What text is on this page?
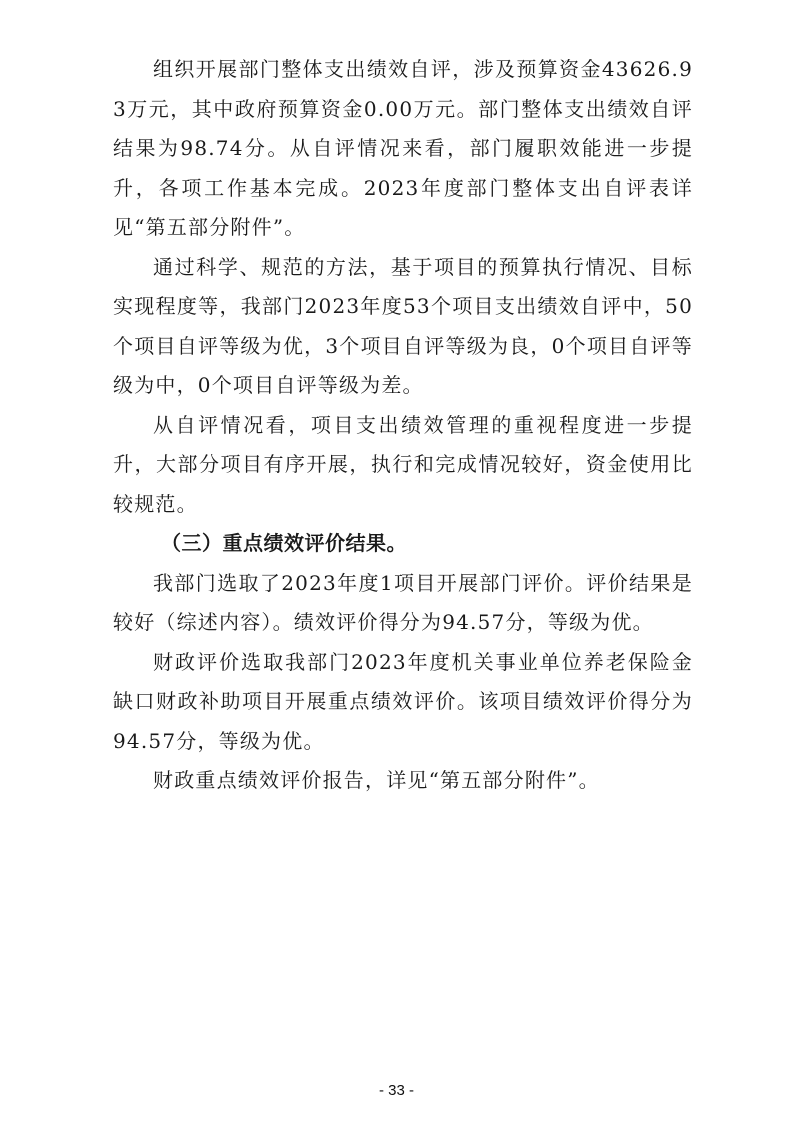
组织开展部门整体支出绩效自评，涉及预算资金43626.93万元，其中政府预算资金0.00万元。部门整体支出绩效自评结果为98.74分。从自评情况来看，部门履职效能进一步提升，各项工作基本完成。2023年度部门整体支出自评表详见“第五部分附件”。

通过科学、规范的方法，基于项目的预算执行情况、目标实现程度等，我部门2023年度53个项目支出绩效自评中，50个项目自评等级为优，3个项目自评等级为良，0个项目自评等级为中，0个项目自评等级为差。

从自评情况看，项目支出绩效管理的重视程度进一步提升，大部分项目有序开展，执行和完成情况较好，资金使用比较规范。

（三）重点绩效评价结果。

我部门选取了2023年度1项目开展部门评价。评价结果是较好（综述内容）。绩效评价得分为94.57分，等级为优。

财政评价选取我部门2023年度机关事业单位养老保险金缺口财政补助项目开展重点绩效评价。该项目绩效评价得分为94.57分，等级为优。

财政重点绩效评价报告，详见“第五部分附件”。

- 33 -
